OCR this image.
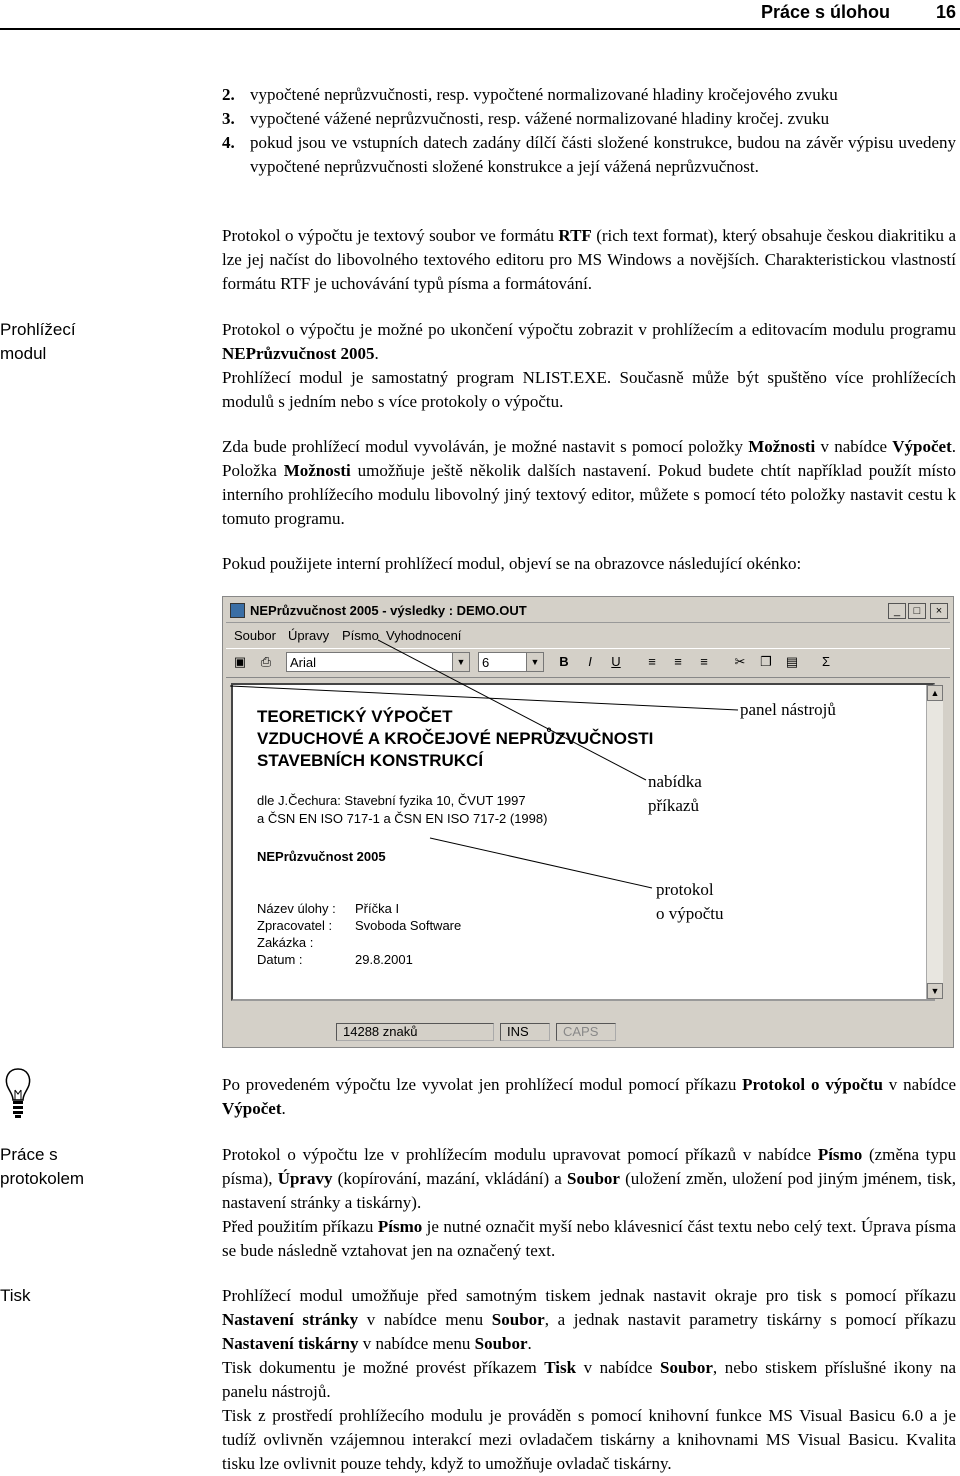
Práce s úlohou	16
2. vypočtené neprůzvučnosti, resp. vypočtené normalizované hladiny kročejového zvuku
3. vypočtené vážené neprůzvučnosti, resp. vážené normalizované hladiny kročej. zvuku
4. pokud jsou ve vstupních datech zadány dílčí části složené konstrukce, budou na závěr výpisu uvedeny vypočtené neprůzvučnosti složené konstrukce a její vážená neprůzvučnost.

Protokol o výpočtu je textový soubor ve formátu RTF (rich text format), který obsahuje českou diakritiku a lze jej načíst do libovolného textového editoru pro MS Windows a novějších. Charakteristickou vlastností formátu RTF je uchovávání typů písma a formátování.

Prohlížecí
modul

Protokol o výpočtu je možné po ukončení výpočtu zobrazit v prohlížecím a editovacím modulu programu NEPrůzvučnost 2005.

Prohlížecí modul je samostatný program NLIST.EXE. Současně může být spuštěno více prohlížecích modulů s jedním nebo s více protokoly o výpočtu.

Zda bude prohlížecí modul vyvoláván, je možné nastavit s pomocí položky Možnosti v nabídce Výpočet. Položka Možnosti umožňuje ještě několik dalších nastavení. Pokud budete chtít například použít místo interního prohlížecího modulu libovolný jiný textový editor, můžete s pomocí této položky nastavit cestu k tomuto programu.

Pokud použijete interní prohlížecí modul, objeví se na obrazovce následující okénko:

NEPrůzvučnost 2005 - výsledky : DEMO.OUT	_	□	×
Soubor Úpravy Písmo Vyhodnocení
▣ ⎙ Arial	▼ 6	▼ B	I	U	≡	≡	≡	✂ ❐ ▤	Σ
TEORETICKÝ VÝPOČET
VZDUCHOVÉ A KROČEJOVÉ NEPRŮZVUČNOSTI
STAVEBNÍCH KONSTRUKCÍ
dle J.Čechura: Stavební fyzika 10, ČVUT 1997
a ČSN EN ISO 717-1 a ČSN EN ISO 717-2 (1998)
NEPrůzvučnost 2005
Název úlohy : Příčka I
Zpracovatel : Svoboda Software
Zakázka :
Datum :	29.8.2001
▲
▼
14288 znaků	INS	CAPS
panel nástrojů
nabídka
příkazů
protokol
o výpočtu

Po provedeném výpočtu lze vyvolat jen prohlížecí modul pomocí příkazu Protokol o výpočtu v nabídce Výpočet.

Práce s
protokolem

Protokol o výpočtu lze v prohlížecím modulu upravovat pomocí příkazů v nabídce Písmo (změna typu písma), Úpravy (kopírování, mazání, vkládání) a Soubor (uložení změn, uložení pod jiným jménem, tisk, nastavení stránky a tiskárny).

Před použitím příkazu Písmo je nutné označit myší nebo klávesnicí část textu nebo celý text. Úprava písma se bude následně vztahovat jen na označený text.

Tisk	Prohlížecí modul umožňuje před samotným tiskem jednak nastavit okraje pro tisk s pomocí příkazu Nastavení stránky v nabídce menu Soubor, a jednak nastavit parametry tiskárny s pomocí příkazu Nastavení tiskárny v nabídce menu Soubor.

Tisk dokumentu je možné provést příkazem Tisk v nabídce Soubor, nebo stiskem příslušné ikony na panelu nástrojů.

Tisk z prostředí prohlížecího modulu je prováděn s pomocí knihovní funkce MS Visual Basicu 6.0 a je tudíž ovlivněn vzájemnou interakcí mezi ovladačem tiskárny a knihovnami MS Visual Basicu. Kvalita tisku lze ovlivnit pouze tehdy, když to umožňuje ovladač tiskárny.
